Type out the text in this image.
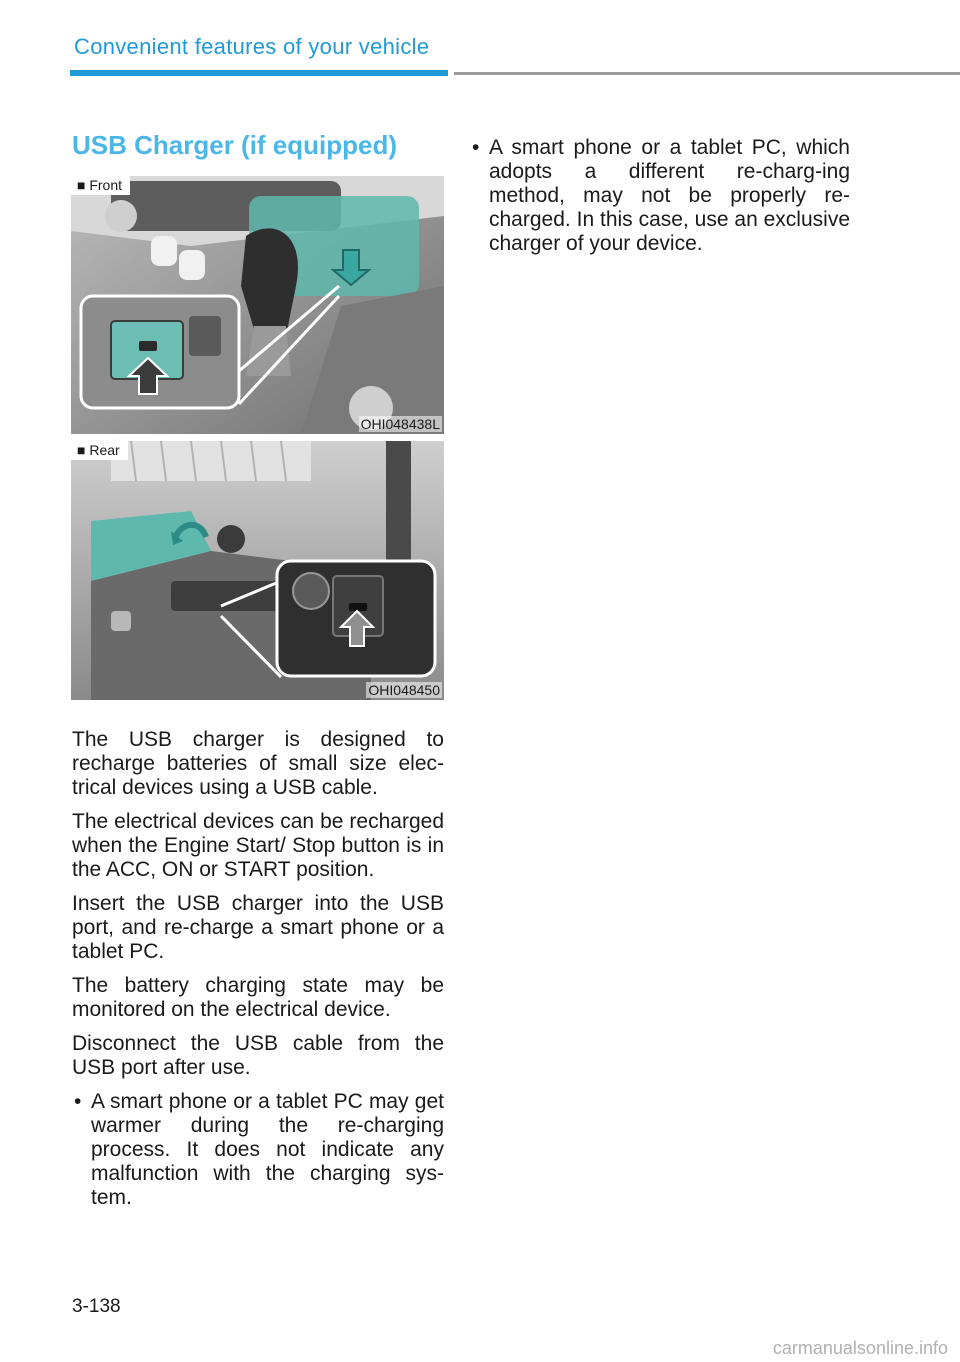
Convenient features of your vehicle
USB Charger (if equipped)
■ Front
OHI048438L
■ Rear
OHI048450

The USB charger is designed to recharge batteries of small size elec-trical devices using a USB cable.

The electrical devices can be recharged when the Engine Start/ Stop button is in the ACC, ON or START position.

Insert the USB charger into the USB port, and re-charge a smart phone or a tablet PC.

The battery charging state may be monitored on the electrical device.

Disconnect the USB cable from the USB port after use.

• A smart phone or a tablet PC may get warmer during the re-charging process. It does not indicate any malfunction with the charging sys-tem.
• A smart phone or a tablet PC, which adopts a different re-charg-ing method, may not be properly re-charged. In this case, use an exclusive charger of your device.
3-138
carmanualsonline.info
